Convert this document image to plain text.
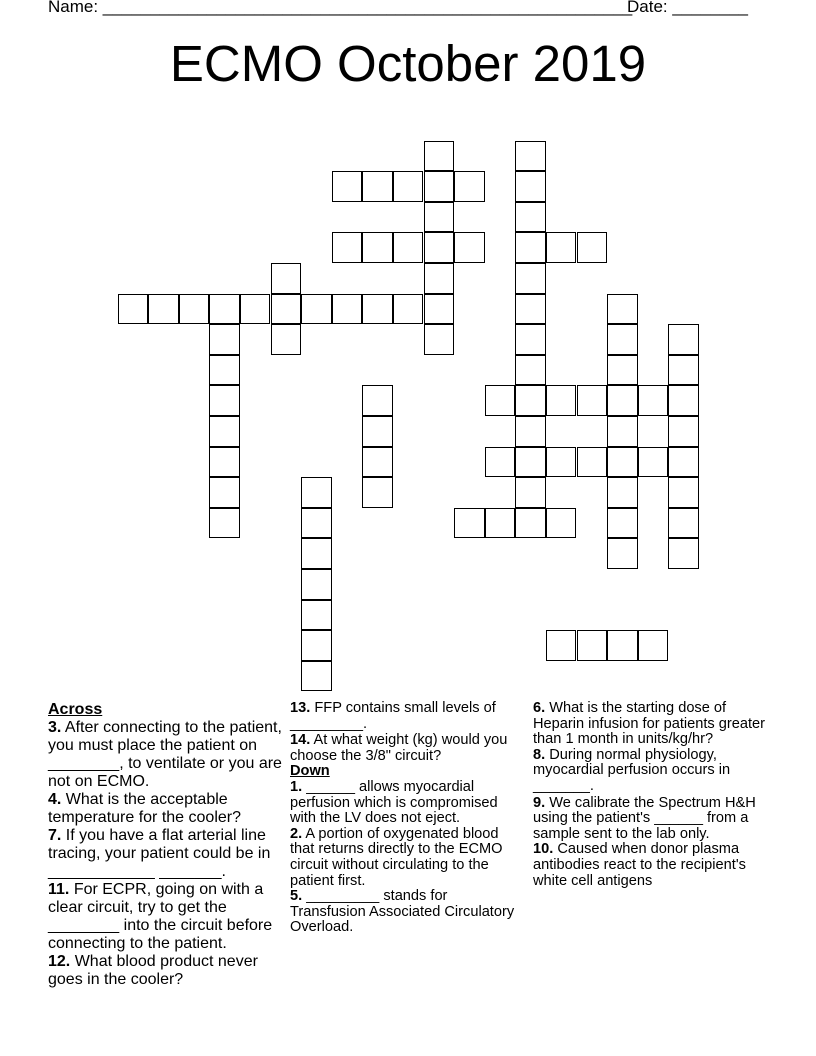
Name: ________________________________________________________
Date: ________
ECMO October 2019
Across
3. After connecting to the patient, you must place the patient on ________, to ventilate or you are not on ECMO.
4. What is the acceptable temperature for the cooler?
7. If you have a flat arterial line tracing, your patient could be in ____________ _______.
11. For ECPR, going on with a clear circuit, try to get the ________ into the circuit before connecting to the patient.
12. What blood product never goes in the cooler?
13. FFP contains small levels of _________.
14. At what weight (kg) would you choose the 3/8" circuit?
Down
1. ______ allows myocardial perfusion which is compromised with the LV does not eject.
2. A portion of oxygenated blood that returns directly to the ECMO circuit without circulating to the patient first.
5. _________ stands for Transfusion Associated Circulatory Overload.
6. What is the starting dose of Heparin infusion for patients greater than 1 month in units/kg/hr?
8. During normal physiology, myocardial perfusion occurs in _______.
9. We calibrate the Spectrum H&H using the patient's ______ from a sample sent to the lab only.
10. Caused when donor plasma antibodies react to the recipient's white cell antigens
